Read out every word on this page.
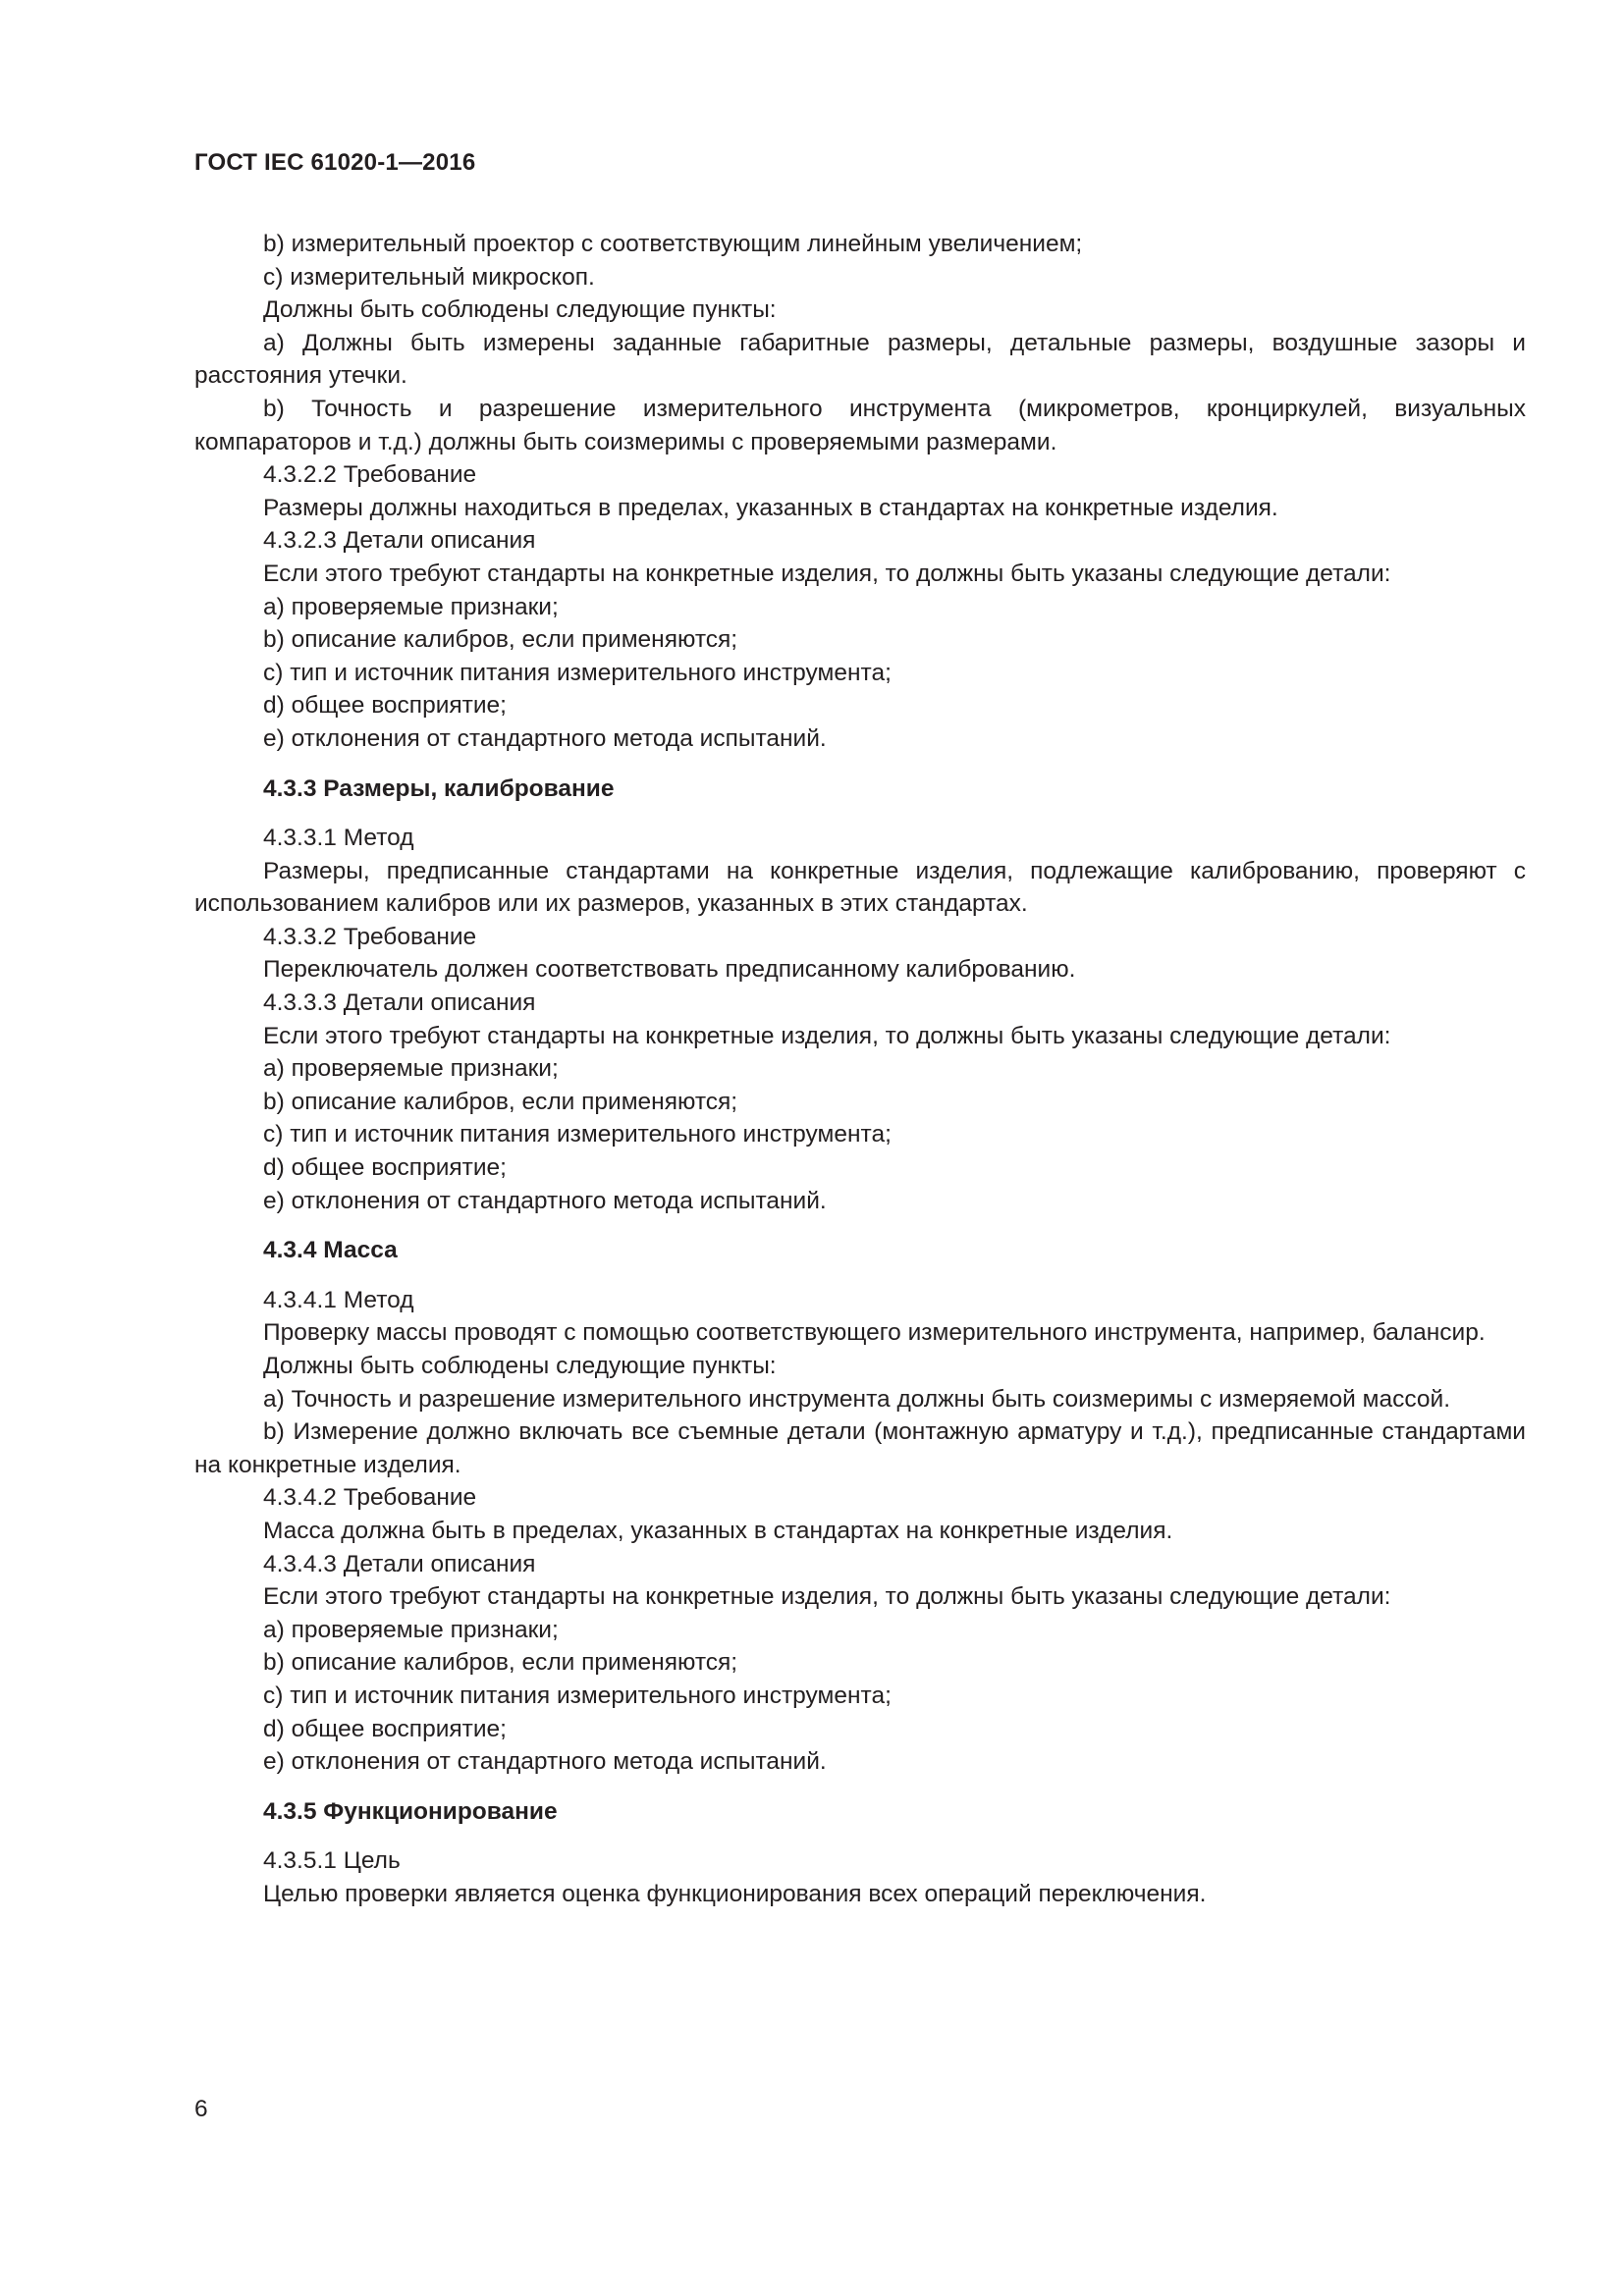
ГОСТ IEC 61020-1—2016

b) измерительный проектор с соответствующим линейным увеличением;

c) измерительный микроскоп.

Должны быть соблюдены следующие пункты:

a) Должны быть измерены заданные габаритные размеры, детальные размеры, воздушные зазоры и расстояния утечки.

b) Точность и разрешение измерительного инструмента (микрометров, кронциркулей, визуальных компараторов и т.д.) должны быть соизмеримы с проверяемыми размерами.

4.3.2.2 Требование

Размеры должны находиться в пределах, указанных в стандартах на конкретные изделия.

4.3.2.3 Детали описания

Если этого требуют стандарты на конкретные изделия, то должны быть указаны следующие детали:

a) проверяемые признаки;

b) описание калибров, если применяются;

c) тип и источник питания измерительного инструмента;

d) общее восприятие;

e) отклонения от стандартного метода испытаний.

4.3.3 Размеры, калибрование

4.3.3.1 Метод

Размеры, предписанные стандартами на конкретные изделия, подлежащие калиброванию, проверяют с использованием калибров или их размеров, указанных в этих стандартах.

4.3.3.2 Требование

Переключатель должен соответствовать предписанному калиброванию.

4.3.3.3 Детали описания

Если этого требуют стандарты на конкретные изделия, то должны быть указаны следующие детали:

a) проверяемые признаки;

b) описание калибров, если применяются;

c) тип и источник питания измерительного инструмента;

d) общее восприятие;

e) отклонения от стандартного метода испытаний.

4.3.4 Масса

4.3.4.1 Метод

Проверку массы проводят с помощью соответствующего измерительного инструмента, например, балансир.

Должны быть соблюдены следующие пункты:

a) Точность и разрешение измерительного инструмента должны быть соизмеримы с измеряемой массой.

b) Измерение должно включать все съемные детали (монтажную арматуру и т.д.), предписанные стандартами на конкретные изделия.

4.3.4.2 Требование

Масса должна быть в пределах, указанных в стандартах на конкретные изделия.

4.3.4.3 Детали описания

Если этого требуют стандарты на конкретные изделия, то должны быть указаны следующие детали:

a) проверяемые признаки;

b) описание калибров, если применяются;

c) тип и источник питания измерительного инструмента;

d) общее восприятие;

e) отклонения от стандартного метода испытаний.

4.3.5 Функционирование

4.3.5.1 Цель

Целью проверки является оценка функционирования всех операций переключения.

6
